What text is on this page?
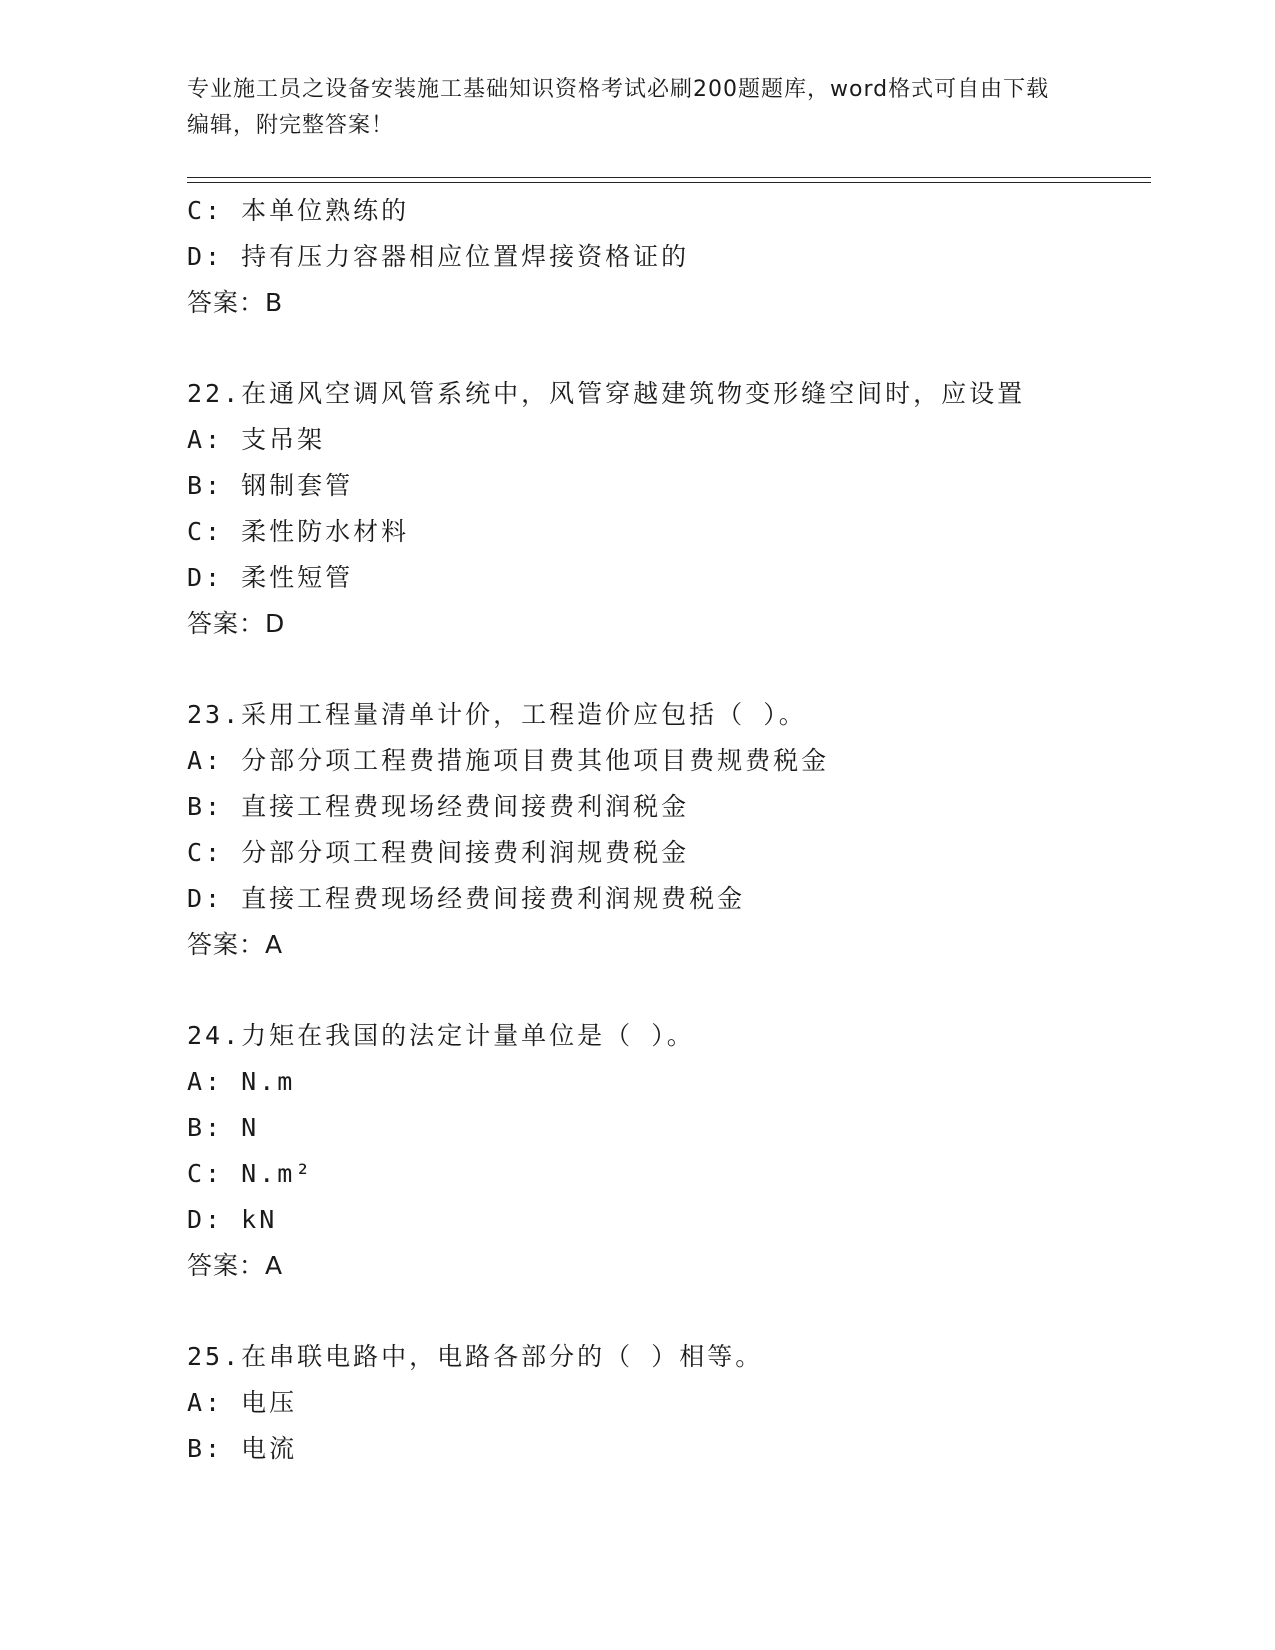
专业施工员之设备安装施工基础知识资格考试必刷200题题库，word格式可自由下载编辑，附完整答案！
C: 本单位熟练的
D: 持有压力容器相应位置焊接资格证的
答案：B
22.在通风空调风管系统中，风管穿越建筑物变形缝空间时，应设置
A: 支吊架
B: 钢制套管
C: 柔性防水材料
D: 柔性短管
答案：D
23.采用工程量清单计价，工程造价应包括（ ）。
A: 分部分项工程费措施项目费其他项目费规费税金
B: 直接工程费现场经费间接费利润税金
C: 分部分项工程费间接费利润规费税金
D: 直接工程费现场经费间接费利润规费税金
答案：A
24.力矩在我国的法定计量单位是（ ）。
A: N.m
B: N
C: N.m²
D: kN
答案：A
25.在串联电路中，电路各部分的（ ）相等。
A: 电压
B: 电流
